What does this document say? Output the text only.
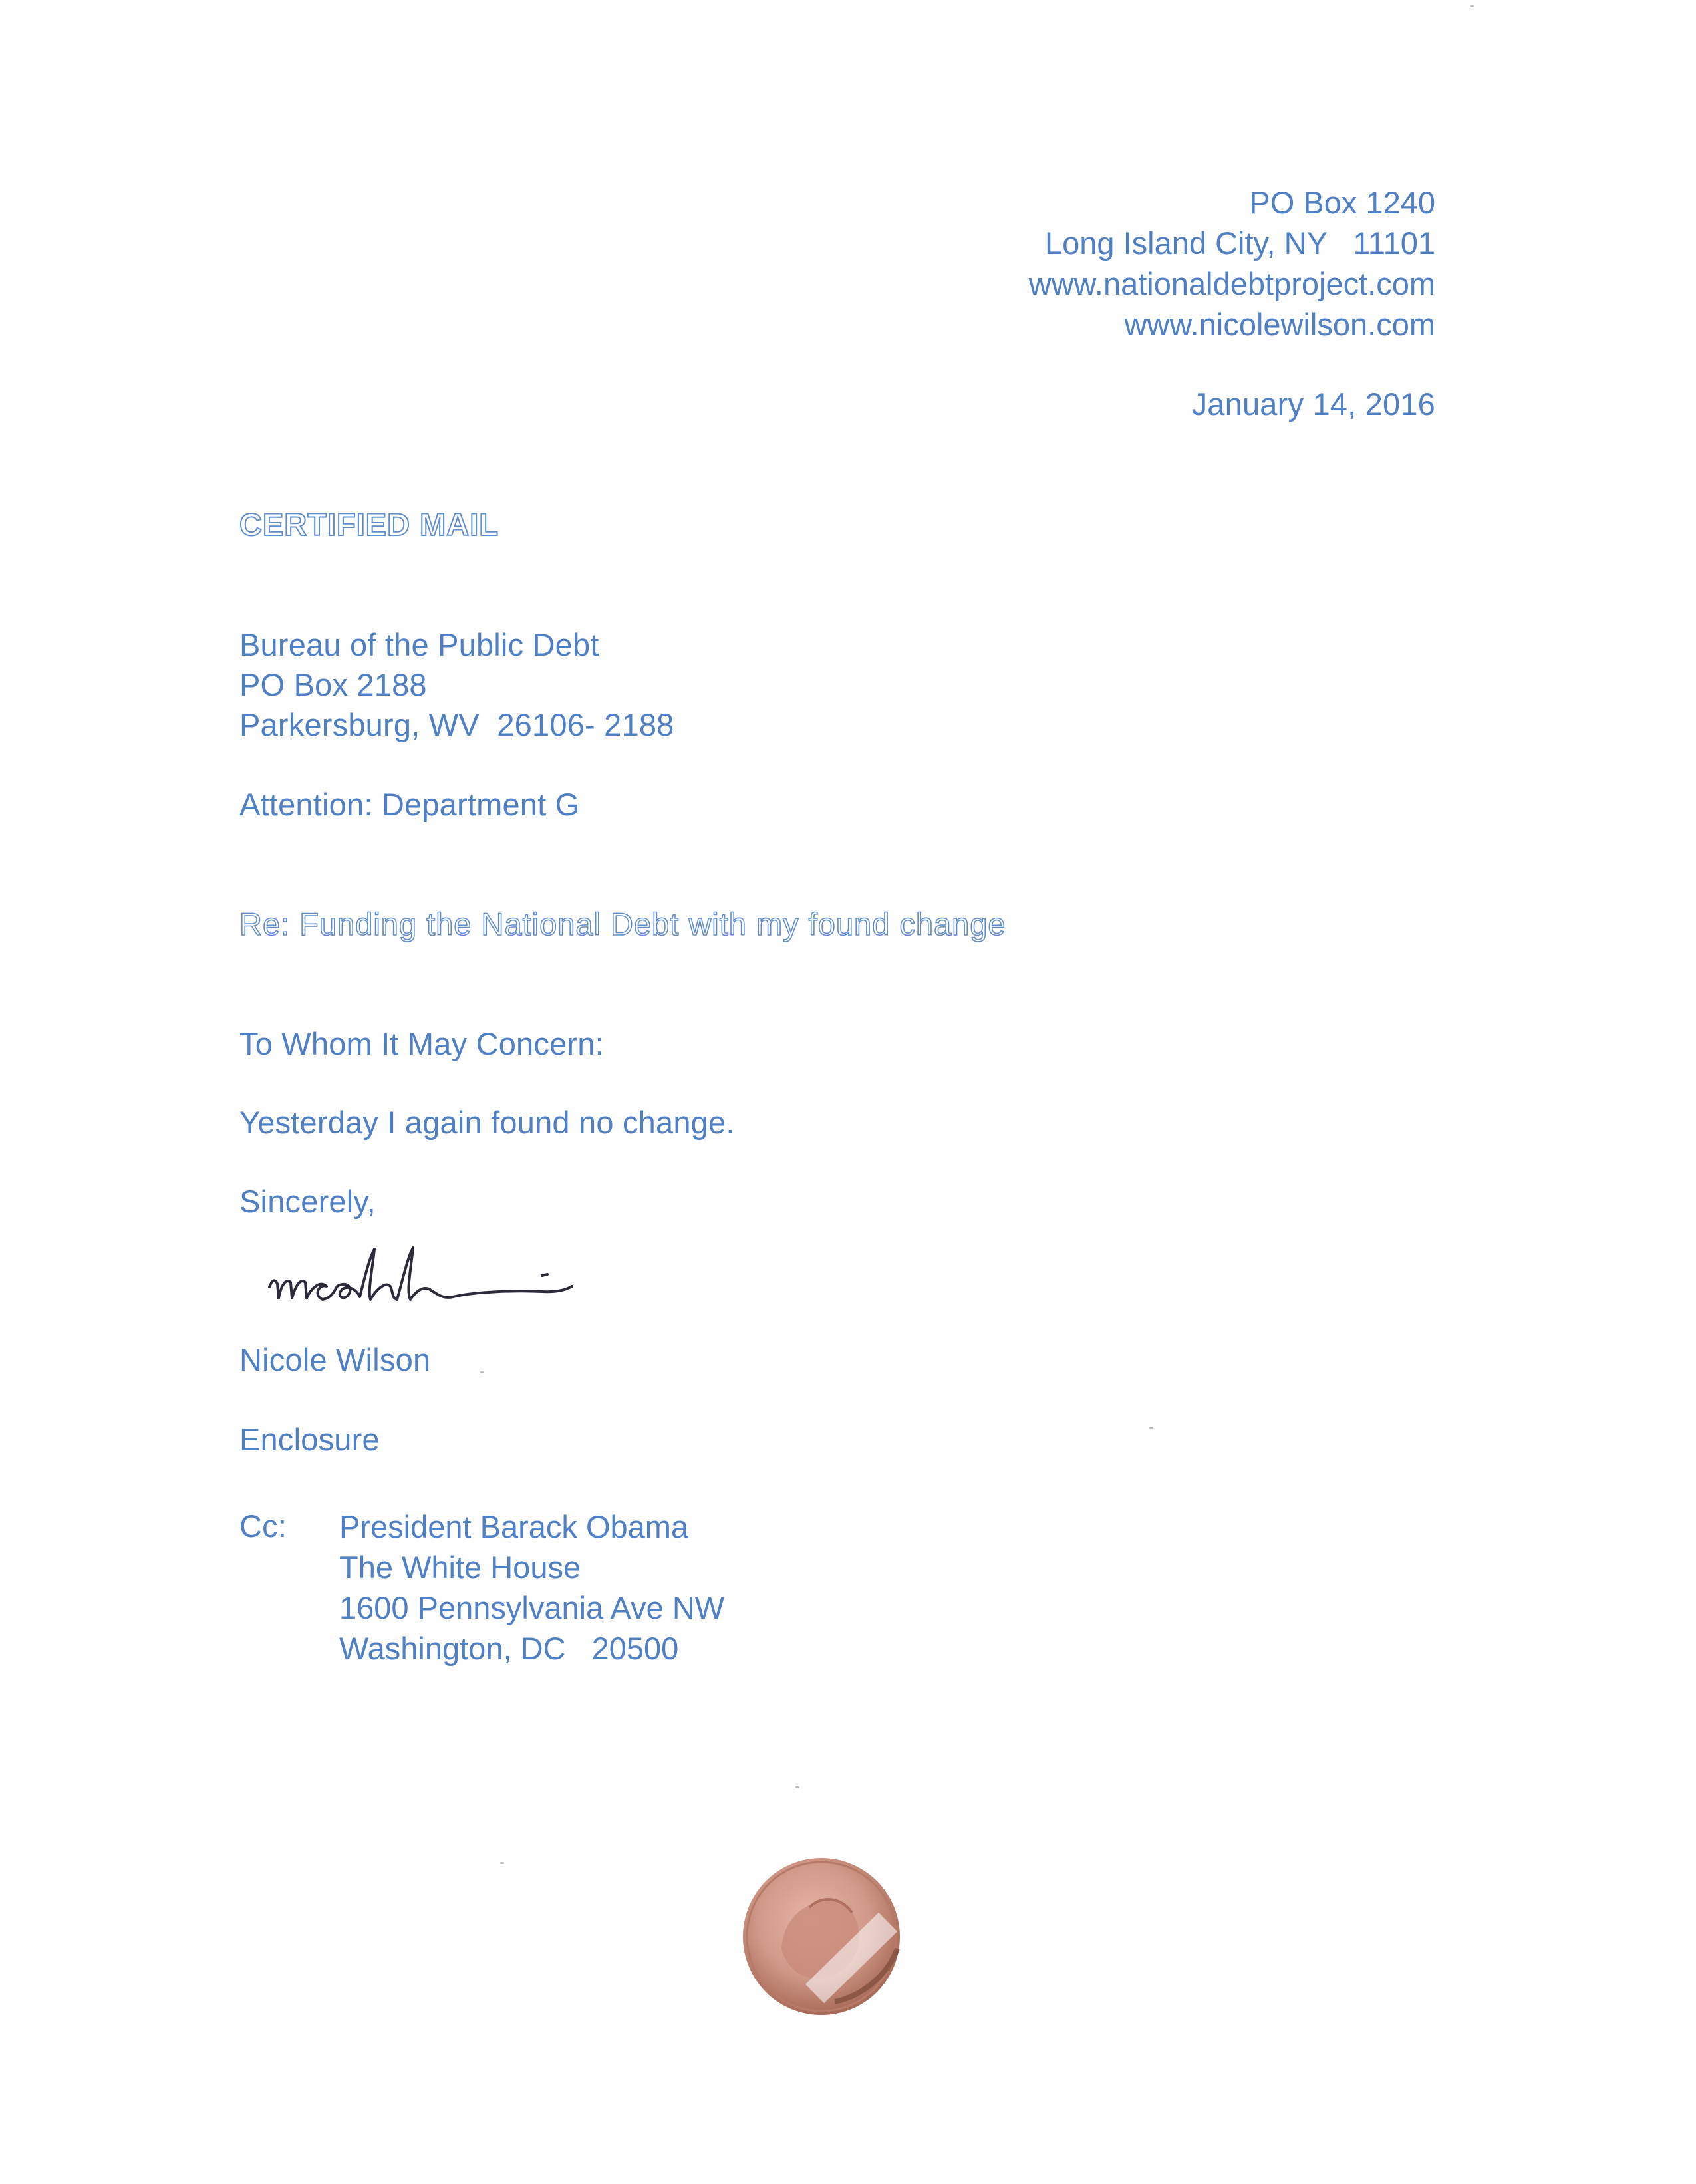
PO Box 1240
Long Island City, NY   11101
www.nationaldebtproject.com
www.nicolewilson.com
January 14, 2016
CERTIFIED MAIL
Bureau of the Public Debt
PO Box 2188
Parkersburg, WV  26106- 2188
Attention: Department G
Re: Funding the National Debt with my found change
To Whom It May Concern:
Yesterday I again found no change.
Sincerely,
Nicole Wilson
Enclosure
Cc: President Barack Obama
The White House
1600 Pennsylvania Ave NW
Washington, DC   20500
